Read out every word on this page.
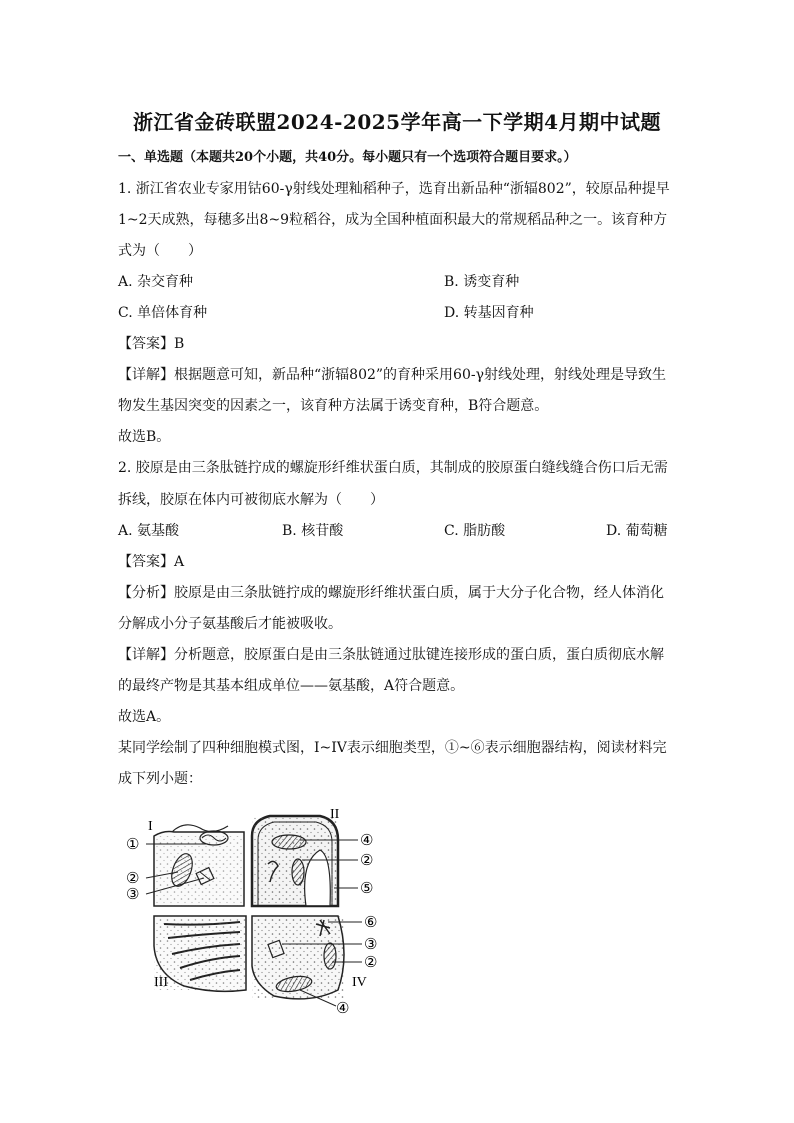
浙江省金砖联盟2024-2025学年高一下学期4月期中试题
一、单选题（本题共20个小题，共40分。每小题只有一个选项符合题目要求。）
1. 浙江省农业专家用钴60-γ射线处理籼稻种子，选育出新品种“浙辐802”，较原品种提早
1~2天成熟，每穗多出8~9粒稻谷，成为全国种植面积最大的常规稻品种之一。该育种方
式为（　　）
A. 杂交育种	B. 诱变育种
C. 单倍体育种	D. 转基因育种
【答案】B
【详解】根据题意可知，新品种“浙辐802”的育种采用60-γ射线处理，射线处理是导致生
物发生基因突变的因素之一，该育种方法属于诱变育种，B符合题意。
故选B。
2. 胶原是由三条肽链拧成的螺旋形纤维状蛋白质，其制成的胶原蛋白缝线缝合伤口后无需
拆线，胶原在体内可被彻底水解为（　　）
A. 氨基酸	B. 核苷酸	C. 脂肪酸	D. 葡萄糖
【答案】A
【分析】胶原是由三条肽链拧成的螺旋形纤维状蛋白质，属于大分子化合物，经人体消化
分解成小分子氨基酸后才能被吸收。
【详解】分析题意，胶原蛋白是由三条肽链通过肽键连接形成的蛋白质，蛋白质彻底水解
的最终产物是其基本组成单位——氨基酸，A符合题意。
故选A。
某同学绘制了四种细胞模式图，I~IV表示细胞类型，①~⑥表示细胞器结构，阅读材料完
成下列小题：
I
II
III	IV
①
②
③
④
②
⑤
⑥
③
②
④
